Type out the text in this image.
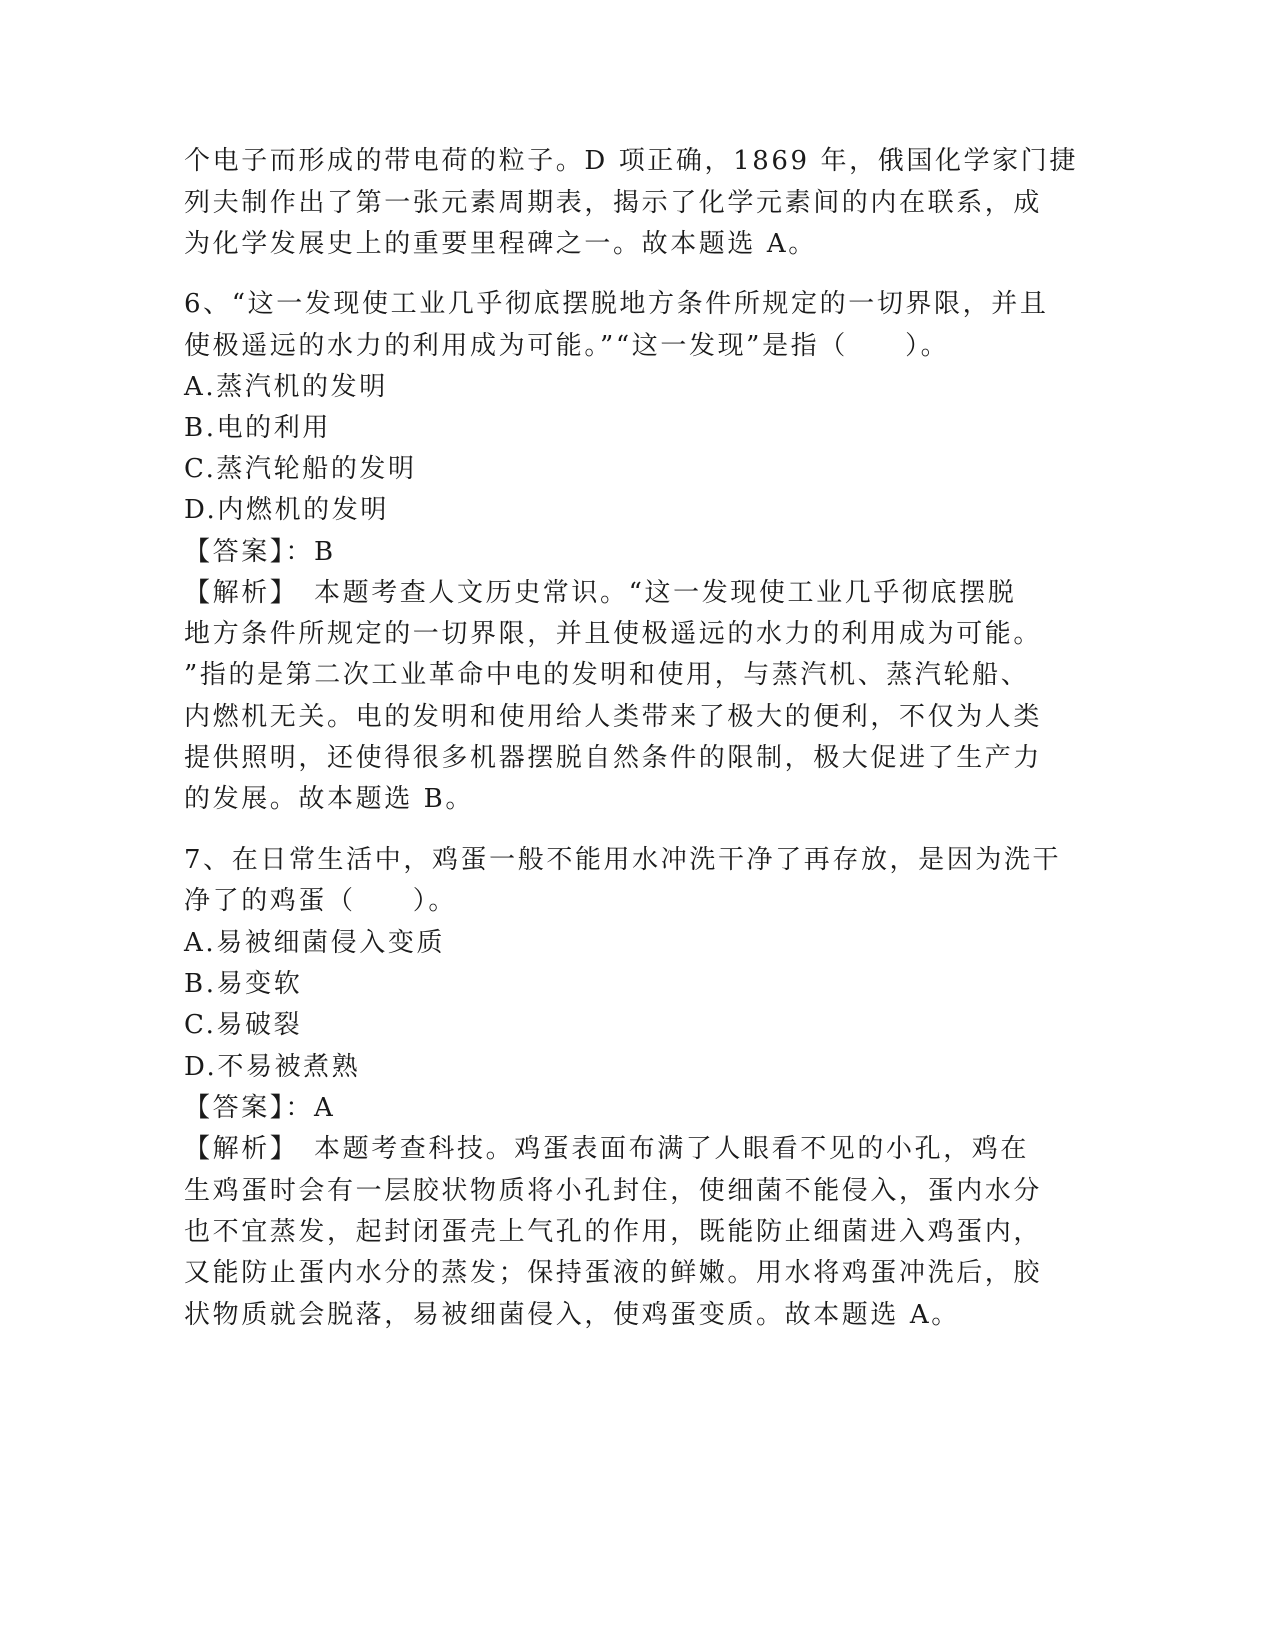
个电子而形成的带电荷的粒子。D 项正确，1869 年，俄国化学家门捷
列夫制作出了第一张元素周期表，揭示了化学元素间的内在联系，成
为化学发展史上的重要里程碑之一。故本题选 A。
6、“这一发现使工业几乎彻底摆脱地方条件所规定的一切界限，并且
使极遥远的水力的利用成为可能。”“这一发现”是指（　　）。
A.蒸汽机的发明
B.电的利用
C.蒸汽轮船的发明
D.内燃机的发明
【答案】：B
【解析】　本题考查人文历史常识。“这一发现使工业几乎彻底摆脱
地方条件所规定的一切界限，并且使极遥远的水力的利用成为可能。
”指的是第二次工业革命中电的发明和使用，与蒸汽机、蒸汽轮船、
内燃机无关。电的发明和使用给人类带来了极大的便利，不仅为人类
提供照明，还使得很多机器摆脱自然条件的限制，极大促进了生产力
的发展。故本题选 B。
7、在日常生活中，鸡蛋一般不能用水冲洗干净了再存放，是因为洗干
净了的鸡蛋（　　）。
A.易被细菌侵入变质
B.易变软
C.易破裂
D.不易被煮熟
【答案】：A
【解析】　本题考查科技。鸡蛋表面布满了人眼看不见的小孔，鸡在
生鸡蛋时会有一层胶状物质将小孔封住，使细菌不能侵入，蛋内水分
也不宜蒸发，起封闭蛋壳上气孔的作用，既能防止细菌进入鸡蛋内，
又能防止蛋内水分的蒸发；保持蛋液的鲜嫩。用水将鸡蛋冲洗后，胶
状物质就会脱落，易被细菌侵入，使鸡蛋变质。故本题选 A。
